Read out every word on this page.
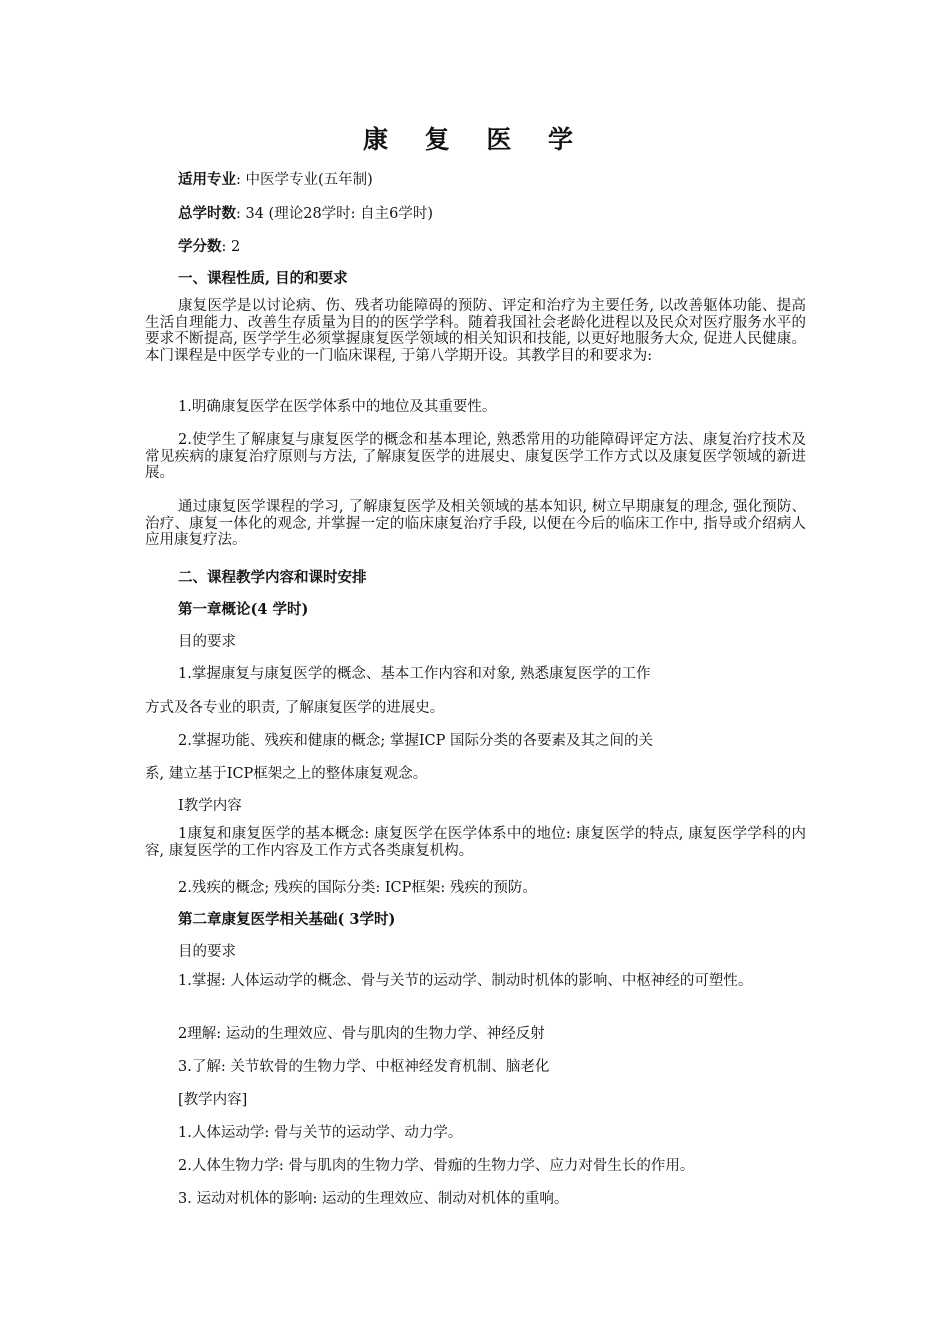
康 复 医 学
适用专业: 中医学专业(五年制)
总学时数: 34 (理论28学时: 自主6学时)
学分数: 2
一、课程性质, 目的和要求

康复医学是以讨论病、伤、残者功能障碍的预防、评定和治疗为主要任务, 以改善躯体功能、提高生活自理能力、改善生存质量为目的的医学学科。随着我国社会老龄化进程以及民众对医疗服务水平的要求不断提高, 医学学生必须掌握康复医学领域的相关知识和技能, 以更好地服务大众, 促进人民健康。本门课程是中医学专业的一门临床课程, 于第八学期开设。其教学目的和要求为:

1.明确康复医学在医学体系中的地位及其重要性。

2.使学生了解康复与康复医学的概念和基本理论, 熟悉常用的功能障碍评定方法、康复治疗技术及常见疾病的康复治疗原则与方法, 了解康复医学的进展史、康复医学工作方式以及康复医学领域的新进展。

通过康复医学课程的学习, 了解康复医学及相关领域的基本知识, 树立早期康复的理念, 强化预防、治疗、康复一体化的观念, 并掌握一定的临床康复治疗手段, 以便在今后的临床工作中, 指导或介绍病人应用康复疗法。

二、课程教学内容和课时安排
第一章概论(4 学时)
目的要求
1.掌握康复与康复医学的概念、基本工作内容和对象, 熟悉康复医学的工作
方式及各专业的职责, 了解康复医学的进展史。
2.掌握功能、残疾和健康的概念; 掌握ICP 国际分类的各要素及其之间的关
系, 建立基于ICP框架之上的整体康复观念。
I教学内容

1康复和康复医学的基本概念: 康复医学在医学体系中的地位: 康复医学的特点, 康复医学学科的内容, 康复医学的工作内容及工作方式各类康复机构。

2.残疾的概念; 残疾的国际分类: ICP框架: 残疾的预防。
第二章康复医学相关基础( 3学时)
目的要求

1.掌握: 人体运动学的概念、骨与关节的运动学、制动时机体的影响、中枢神经的可塑性。

2理解: 运动的生理效应、骨与肌肉的生物力学、神经反射
3.了解: 关节软骨的生物力学、中枢神经发育机制、脑老化
[教学内容]
1.人体运动学: 骨与关节的运动学、动力学。
2.人体生物力学: 骨与肌肉的生物力学、骨痂的生物力学、应力对骨生长的作用。
3. 运动对机体的影响: 运动的生理效应、制动对机体的重响。
